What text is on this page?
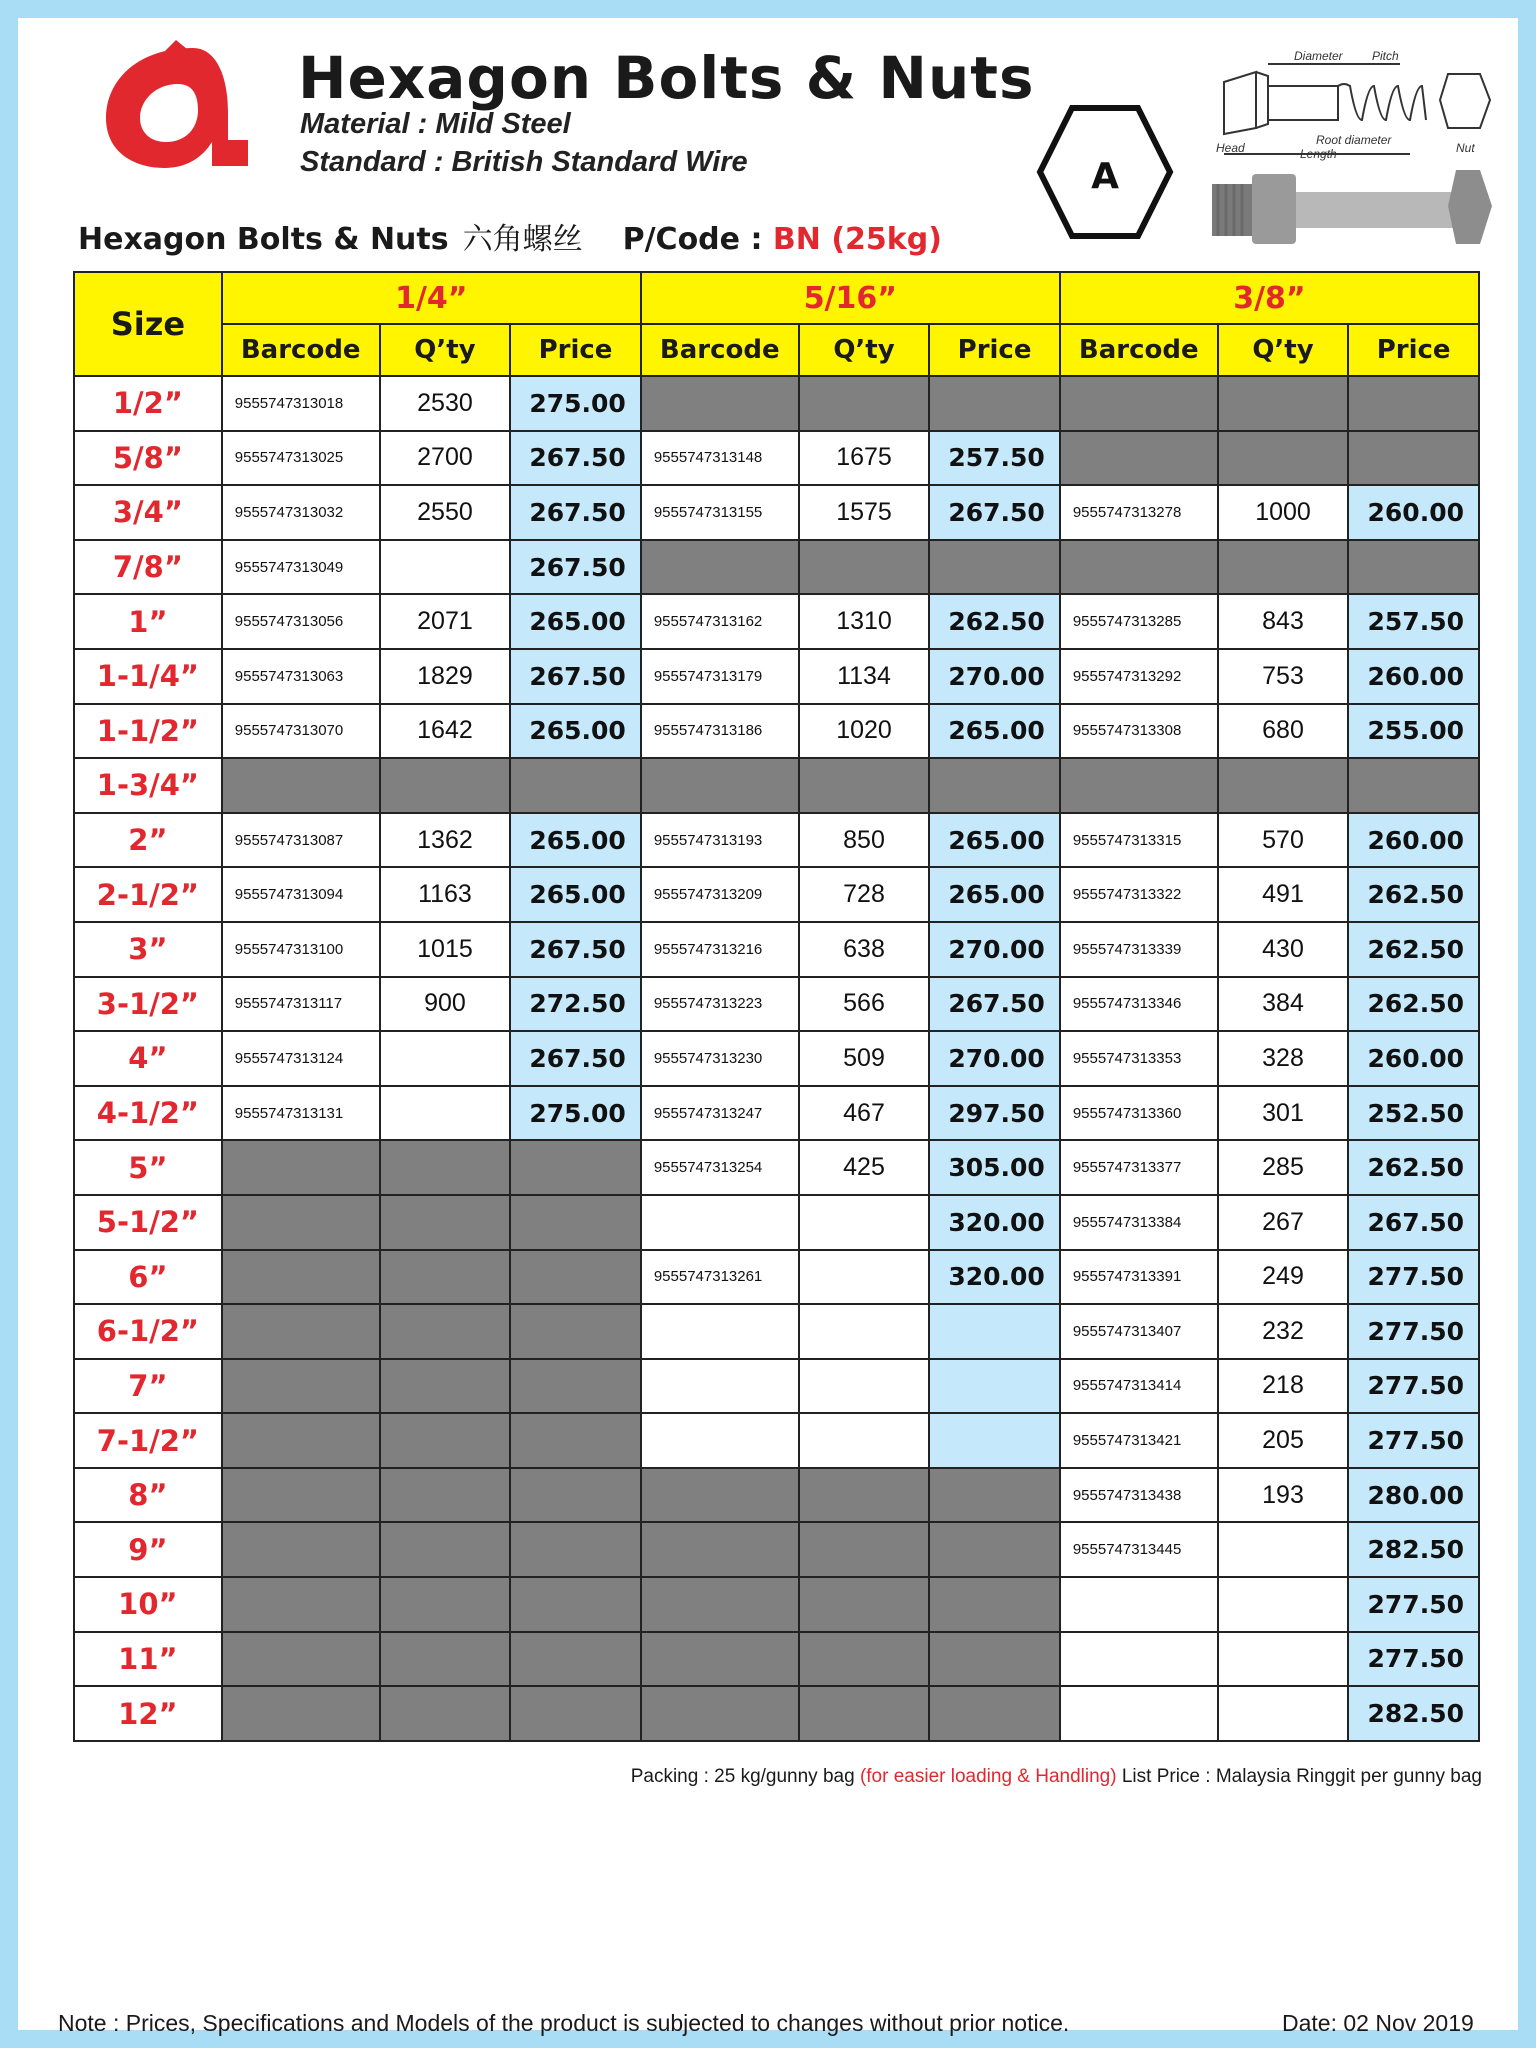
Hexagon Bolts & Nuts
Material : Mild Steel
Standard : British Standard Wire	A
Diameter Pitch
Root diameter
Head	Length	Nut
Hexagon Bolts & Nuts 六角螺丝 P/Code : BN (25kg)
Size	1/4”			5/16”			3/8”		
	Barcode	Q’ty	Price	Barcode	Q’ty	Price	Barcode	Q’ty	Price
1/2”	9555747313018	2530	275.00						
5/8”	9555747313025	2700	267.50	9555747313148	1675	257.50			
3/4”	9555747313032	2550	267.50	9555747313155	1575	267.50	9555747313278	1000	260.00
7/8”	9555747313049		267.50						
1”	9555747313056	2071	265.00	9555747313162	1310	262.50	9555747313285	843	257.50
1-1/4”	9555747313063	1829	267.50	9555747313179	1134	270.00	9555747313292	753	260.00
1-1/2”	9555747313070	1642	265.00	9555747313186	1020	265.00	9555747313308	680	255.00
1-3/4”									
2”	9555747313087	1362	265.00	9555747313193	850	265.00	9555747313315	570	260.00
2-1/2”	9555747313094	1163	265.00	9555747313209	728	265.00	9555747313322	491	262.50
3”	9555747313100	1015	267.50	9555747313216	638	270.00	9555747313339	430	262.50
3-1/2”	9555747313117	900	272.50	9555747313223	566	267.50	9555747313346	384	262.50
4”	9555747313124		267.50	9555747313230	509	270.00	9555747313353	328	260.00
4-1/2”	9555747313131		275.00	9555747313247	467	297.50	9555747313360	301	252.50
5”				9555747313254	425	305.00	9555747313377	285	262.50
5-1/2”						320.00	9555747313384	267	267.50
6”				9555747313261		320.00	9555747313391	249	277.50
6-1/2”							9555747313407	232	277.50
7”							9555747313414	218	277.50
7-1/2”							9555747313421	205	277.50
8”							9555747313438	193	280.00
9”							9555747313445		282.50
10”									277.50
11”									277.50
12”									282.50
Packing : 25 kg/gunny bag (for easier loading & Handling) List Price : Malaysia Ringgit per gunny bag
Note : Prices, Specifications and Models of the product is subjected to changes without prior notice.	Date: 02 Nov 2019
